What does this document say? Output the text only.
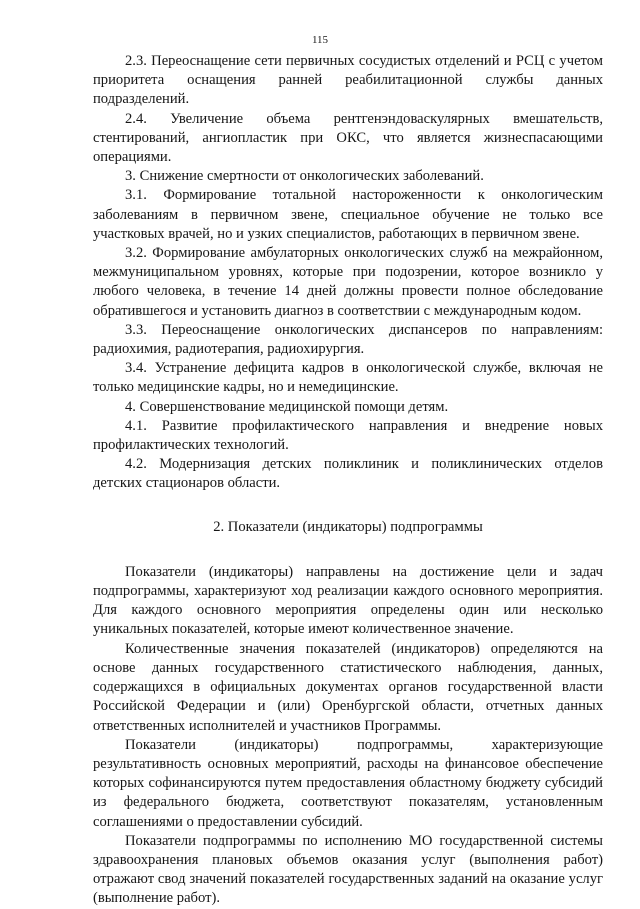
115

2.3. Переоснащение сети первичных сосудистых отделений и РСЦ с учетом приоритета оснащения ранней реабилитационной службы данных подразделений.

2.4. Увеличение объема рентгенэндоваскулярных вмешательств, стентирований, ангиопластик при ОКС, что является жизнеспасающими операциями.

3. Снижение смертности от онкологических заболеваний.

3.1. Формирование тотальной настороженности к онкологическим заболеваниям в первичном звене, специальное обучение не только все участковых врачей, но и узких специалистов, работающих в первичном звене.

3.2. Формирование амбулаторных онкологических служб на межрайонном, межмуниципальном уровнях, которые при подозрении, которое возникло у любого человека, в течение 14 дней должны провести полное обследование обратившегося и установить диагноз в соответствии с международным кодом.

3.3. Переоснащение онкологических диспансеров по направлениям: радиохимия, радиотерапия, радиохирургия.

3.4. Устранение дефицита кадров в онкологической службе, включая не только медицинские кадры, но и немедицинские.

4. Совершенствование медицинской помощи детям.

4.1. Развитие профилактического направления и внедрение новых профилактических технологий.

4.2. Модернизация детских поликлиник и поликлинических отделов детских стационаров области.

2. Показатели (индикаторы) подпрограммы

Показатели (индикаторы) направлены на достижение цели и задач подпрограммы, характеризуют ход реализации каждого основного мероприятия. Для каждого основного мероприятия определены один или несколько уникальных показателей, которые имеют количественное значение.

Количественные значения показателей (индикаторов) определяются на основе данных государственного статистического наблюдения, данных, содержащихся в официальных документах органов государственной власти Российской Федерации и (или) Оренбургской области, отчетных данных ответственных исполнителей и участников Программы.

Показатели (индикаторы) подпрограммы, характеризующие результативность основных мероприятий, расходы на финансовое обеспечение которых софинансируются путем предоставления областному бюджету субсидий из федерального бюджета, соответствуют показателям, установленным соглашениями о предоставлении субсидий.

Показатели подпрограммы по исполнению МО государственной системы здравоохранения плановых объемов оказания услуг (выполнения работ) отражают свод значений показателей государственных заданий на оказание услуг (выполнение работ).
